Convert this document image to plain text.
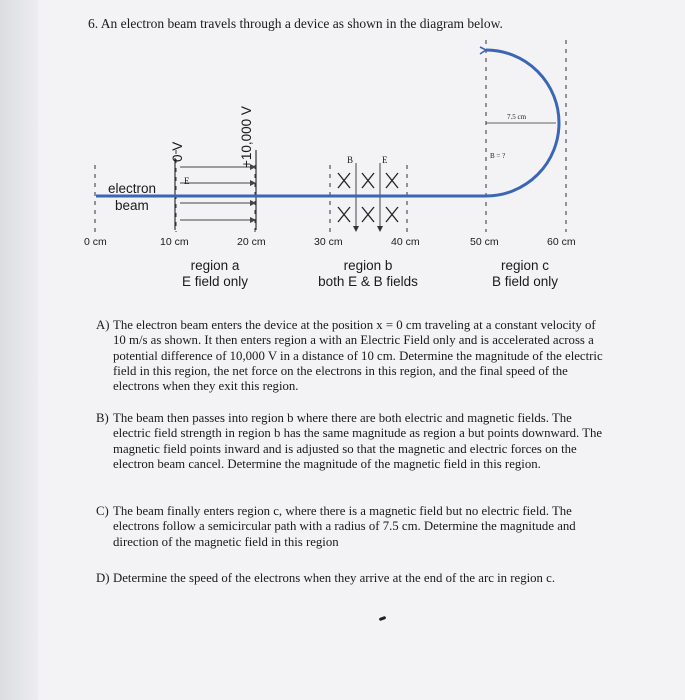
6. An electron beam travels through a device as shown in the diagram below.
electron
beam
E
0 V	+10,000 V	B	E
7.5 cm
B = ?
0 cm	10 cm	20 cm	30 cm	40 cm	50 cm	60 cm
region a
E field only
region b
both E & B fields
region c
B field only
A) The electron beam enters the device at the position x = 0 cm traveling at a constant velocity of 10 m/s as shown. It then enters region a with an Electric Field only and is accelerated across a potential difference of 10,000 V in a distance of 10 cm. Determine the magnitude of the electric field in this region, the net force on the electrons in this region, and the final speed of the electrons when they exit this region.
B) The beam then passes into region b where there are both electric and magnetic fields. The electric field strength in region b has the same magnitude as region a but points downward. The magnetic field points inward and is adjusted so that the magnetic and electric forces on the electron beam cancel. Determine the magnitude of the magnetic field in this region.
C) The beam finally enters region c, where there is a magnetic field but no electric field. The electrons follow a semicircular path with a radius of 7.5 cm. Determine the magnitude and direction of the magnetic field in this region
D) Determine the speed of the electrons when they arrive at the end of the arc in region c.
